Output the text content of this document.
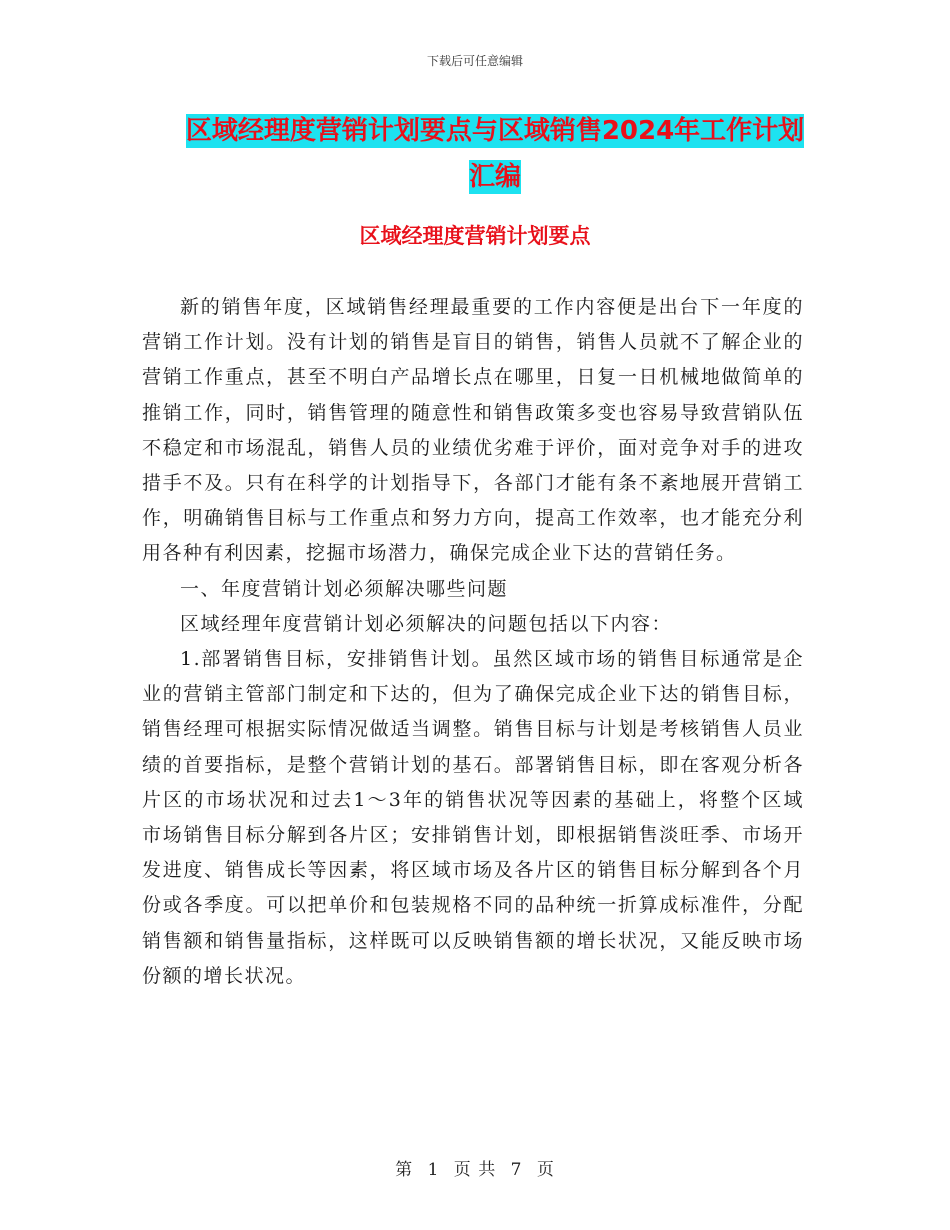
下载后可任意编辑
区域经理度营销计划要点与区域销售2024年工作计划
汇编
区域经理度营销计划要点

新的销售年度，区域销售经理最重要的工作内容便是出台下一年度的营销工作计划。没有计划的销售是盲目的销售，销售人员就不了解企业的营销工作重点，甚至不明白产品增长点在哪里，日复一日机械地做简单的推销工作，同时，销售管理的随意性和销售政策多变也容易导致营销队伍不稳定和市场混乱，销售人员的业绩优劣难于评价，面对竞争对手的进攻措手不及。只有在科学的计划指导下，各部门才能有条不紊地展开营销工作，明确销售目标与工作重点和努力方向，提高工作效率，也才能充分利用各种有利因素，挖掘市场潜力，确保完成企业下达的营销任务。

一、年度营销计划必须解决哪些问题

区域经理年度营销计划必须解决的问题包括以下内容：

1.部署销售目标，安排销售计划。虽然区域市场的销售目标通常是企业的营销主管部门制定和下达的，但为了确保完成企业下达的销售目标，销售经理可根据实际情况做适当调整。销售目标与计划是考核销售人员业绩的首要指标，是整个营销计划的基石。部署销售目标，即在客观分析各片区的市场状况和过去1～3年的销售状况等因素的基础上，将整个区域市场销售目标分解到各片区；安排销售计划，即根据销售淡旺季、市场开发进度、销售成长等因素，将区域市场及各片区的销售目标分解到各个月份或各季度。可以把单价和包装规格不同的品种统一折算成标准件，分配销售额和销售量指标，这样既可以反映销售额的增长状况，又能反映市场份额的增长状况。

第 1 页 共 7 页
